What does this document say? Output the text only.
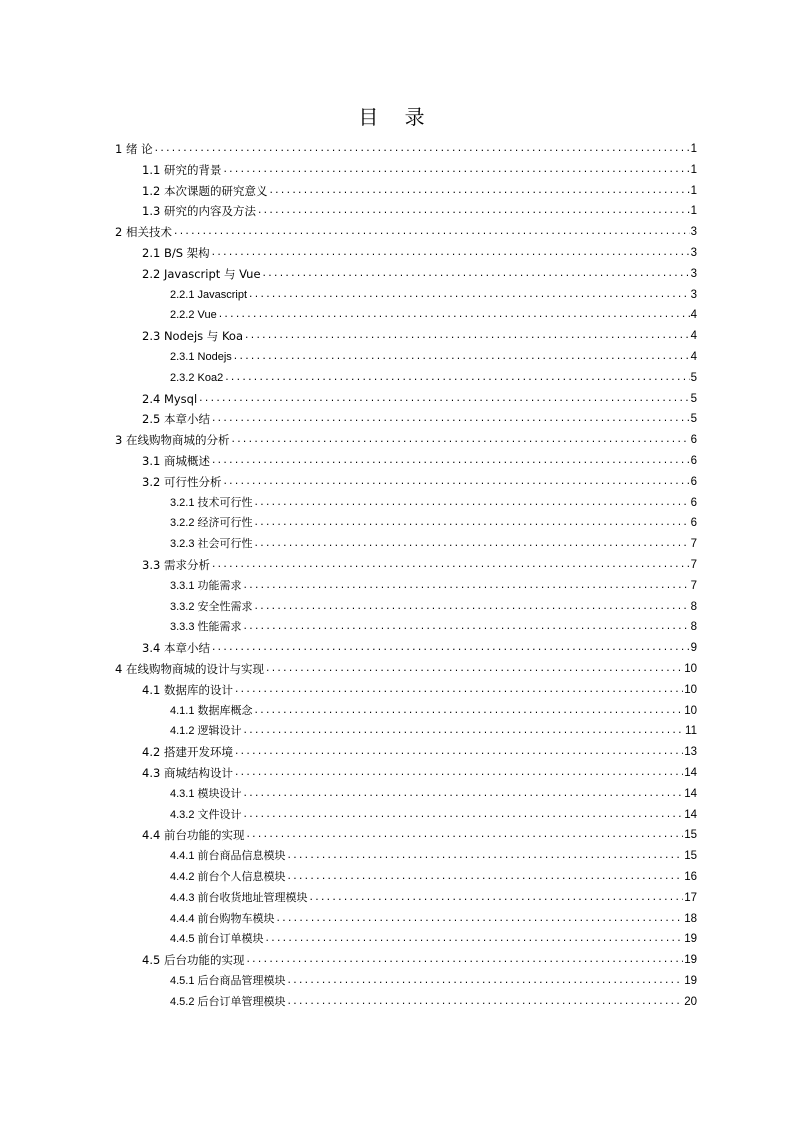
目 录
1 绪 论 .....	1
1.1 研究的背景 .....	1
1.2 本次课题的研究意义 .....	1
1.3 研究的内容及方法 .....	1
2 相关技术 .....	3
2.1 B/S 架构 .....	3
2.2 Javascript 与 Vue .....	3
2.2.1 Javascript .....	3
2.2.2 Vue .....	4
2.3 Nodejs 与 Koa .....	4
2.3.1 Nodejs .....	4
2.3.2 Koa2 .....	5
2.4 Mysql .....	5
2.5 本章小结 .....	5
3 在线购物商城的分析 .....	6
3.1 商城概述 .....	6
3.2 可行性分析 .....	6
3.2.1 技术可行性 .....	6
3.2.2 经济可行性 .....	6
3.2.3 社会可行性 .....	7
3.3 需求分析 .....	7
3.3.1 功能需求 .....	7
3.3.2 安全性需求 .....	8
3.3.3 性能需求 .....	8
3.4 本章小结 .....	9
4 在线购物商城的设计与实现 .....	10
4.1 数据库的设计 .....	10
4.1.1 数据库概念 .....	10
4.1.2 逻辑设计 .....	11
4.2 搭建开发环境 .....	13
4.3 商城结构设计 .....	14
4.3.1 模块设计 .....	14
4.3.2 文件设计 .....	14
4.4 前台功能的实现 .....	15
4.4.1 前台商品信息模块 .....	15
4.4.2 前台个人信息模块 .....	16
4.4.3 前台收货地址管理模块 .....	17
4.4.4 前台购物车模块 .....	18
4.4.5 前台订单模块 .....	19
4.5 后台功能的实现 .....	19
4.5.1 后台商品管理模块 .....	19
4.5.2 后台订单管理模块 .....	20
